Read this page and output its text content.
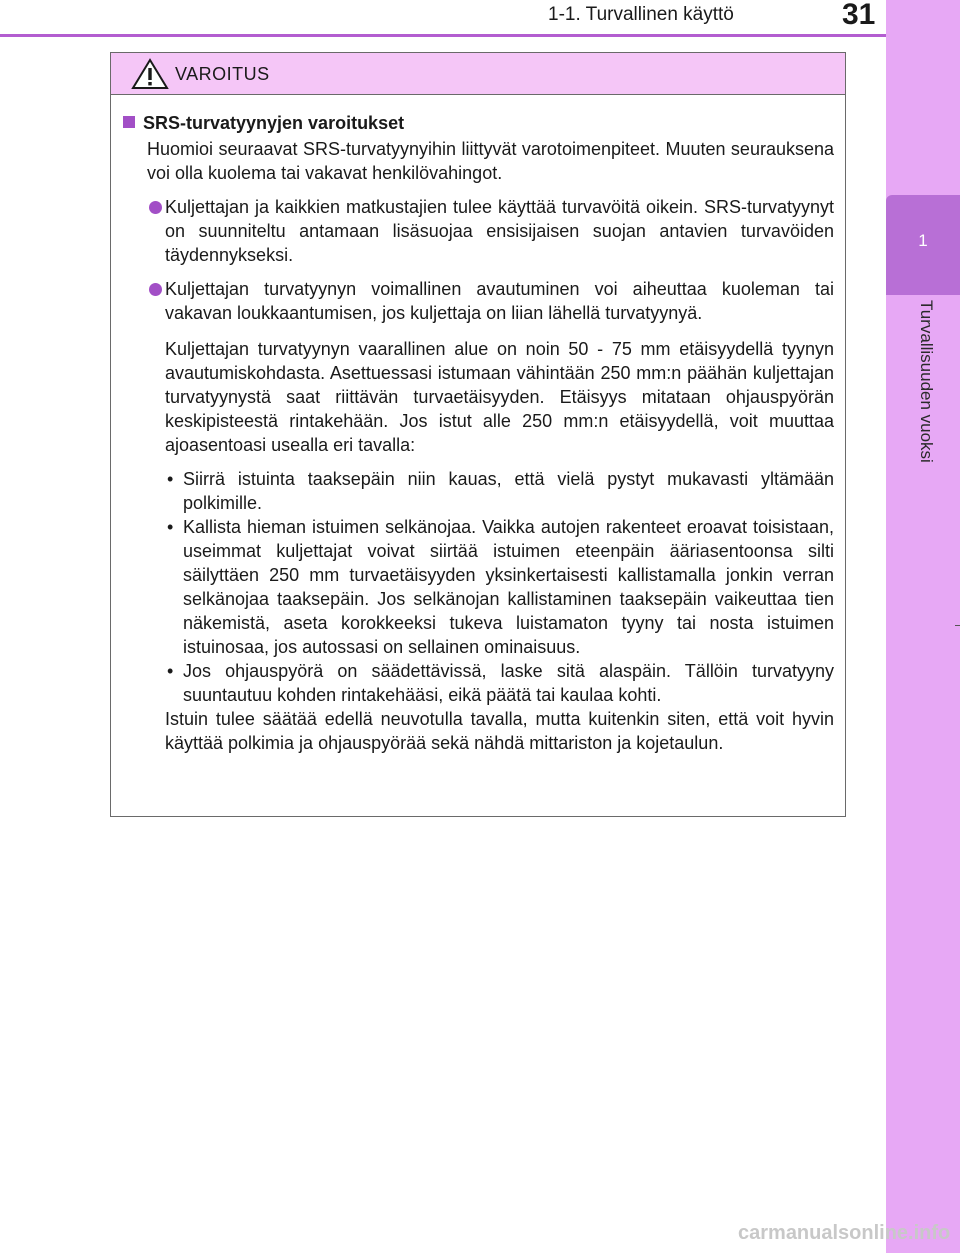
1-1. Turvallinen käyttö	31
1
Turvallisuuden vuoksi
VAROITUS
SRS-turvatyynyjen varoitukset
Huomioi seuraavat SRS-turvatyynyihin liittyvät varotoimenpiteet. Muuten seurauksena voi olla kuolema tai vakavat henkilövahingot.
Kuljettajan ja kaikkien matkustajien tulee käyttää turvavöitä oikein. SRS-turvatyynyt on suunniteltu antamaan lisäsuojaa ensisijaisen suojan antavien turvavöiden täydennykseksi.
Kuljettajan turvatyynyn voimallinen avautuminen voi aiheuttaa kuoleman tai vakavan loukkaantumisen, jos kuljettaja on liian lähellä turvatyynyä.
Kuljettajan turvatyynyn vaarallinen alue on noin 50 - 75 mm etäisyydellä tyynyn avautumiskohdasta. Asettuessasi istumaan vähintään 250 mm:n päähän kuljettajan turvatyynystä saat riittävän turvaetäisyyden. Etäisyys mitataan ohjauspyörän keskipisteestä rintakehään. Jos istut alle 250 mm:n etäisyydellä, voit muuttaa ajoasentoasi usealla eri tavalla:
• Siirrä istuinta taaksepäin niin kauas, että vielä pystyt mukavasti yltämään polkimille.
• Kallista hieman istuimen selkänojaa. Vaikka autojen rakenteet eroavat toisistaan, useimmat kuljettajat voivat siirtää istuimen eteenpäin ääriasentoonsa silti säilyttäen 250 mm turvaetäisyyden yksinkertaisesti kallistamalla jonkin verran selkänojaa taaksepäin. Jos selkänojan kallistaminen taaksepäin vaikeuttaa tien näkemistä, aseta korokkeeksi tukeva luistamaton tyyny tai nosta istuimen istuinosaa, jos autossasi on sellainen ominaisuus.
• Jos ohjauspyörä on säädettävissä, laske sitä alaspäin. Tällöin turvatyyny suuntautuu kohden rintakehääsi, eikä päätä tai kaulaa kohti.
Istuin tulee säätää edellä neuvotulla tavalla, mutta kuitenkin siten, että voit hyvin käyttää polkimia ja ohjauspyörää sekä nähdä mittariston ja kojetaulun.
carmanualsonline.info
